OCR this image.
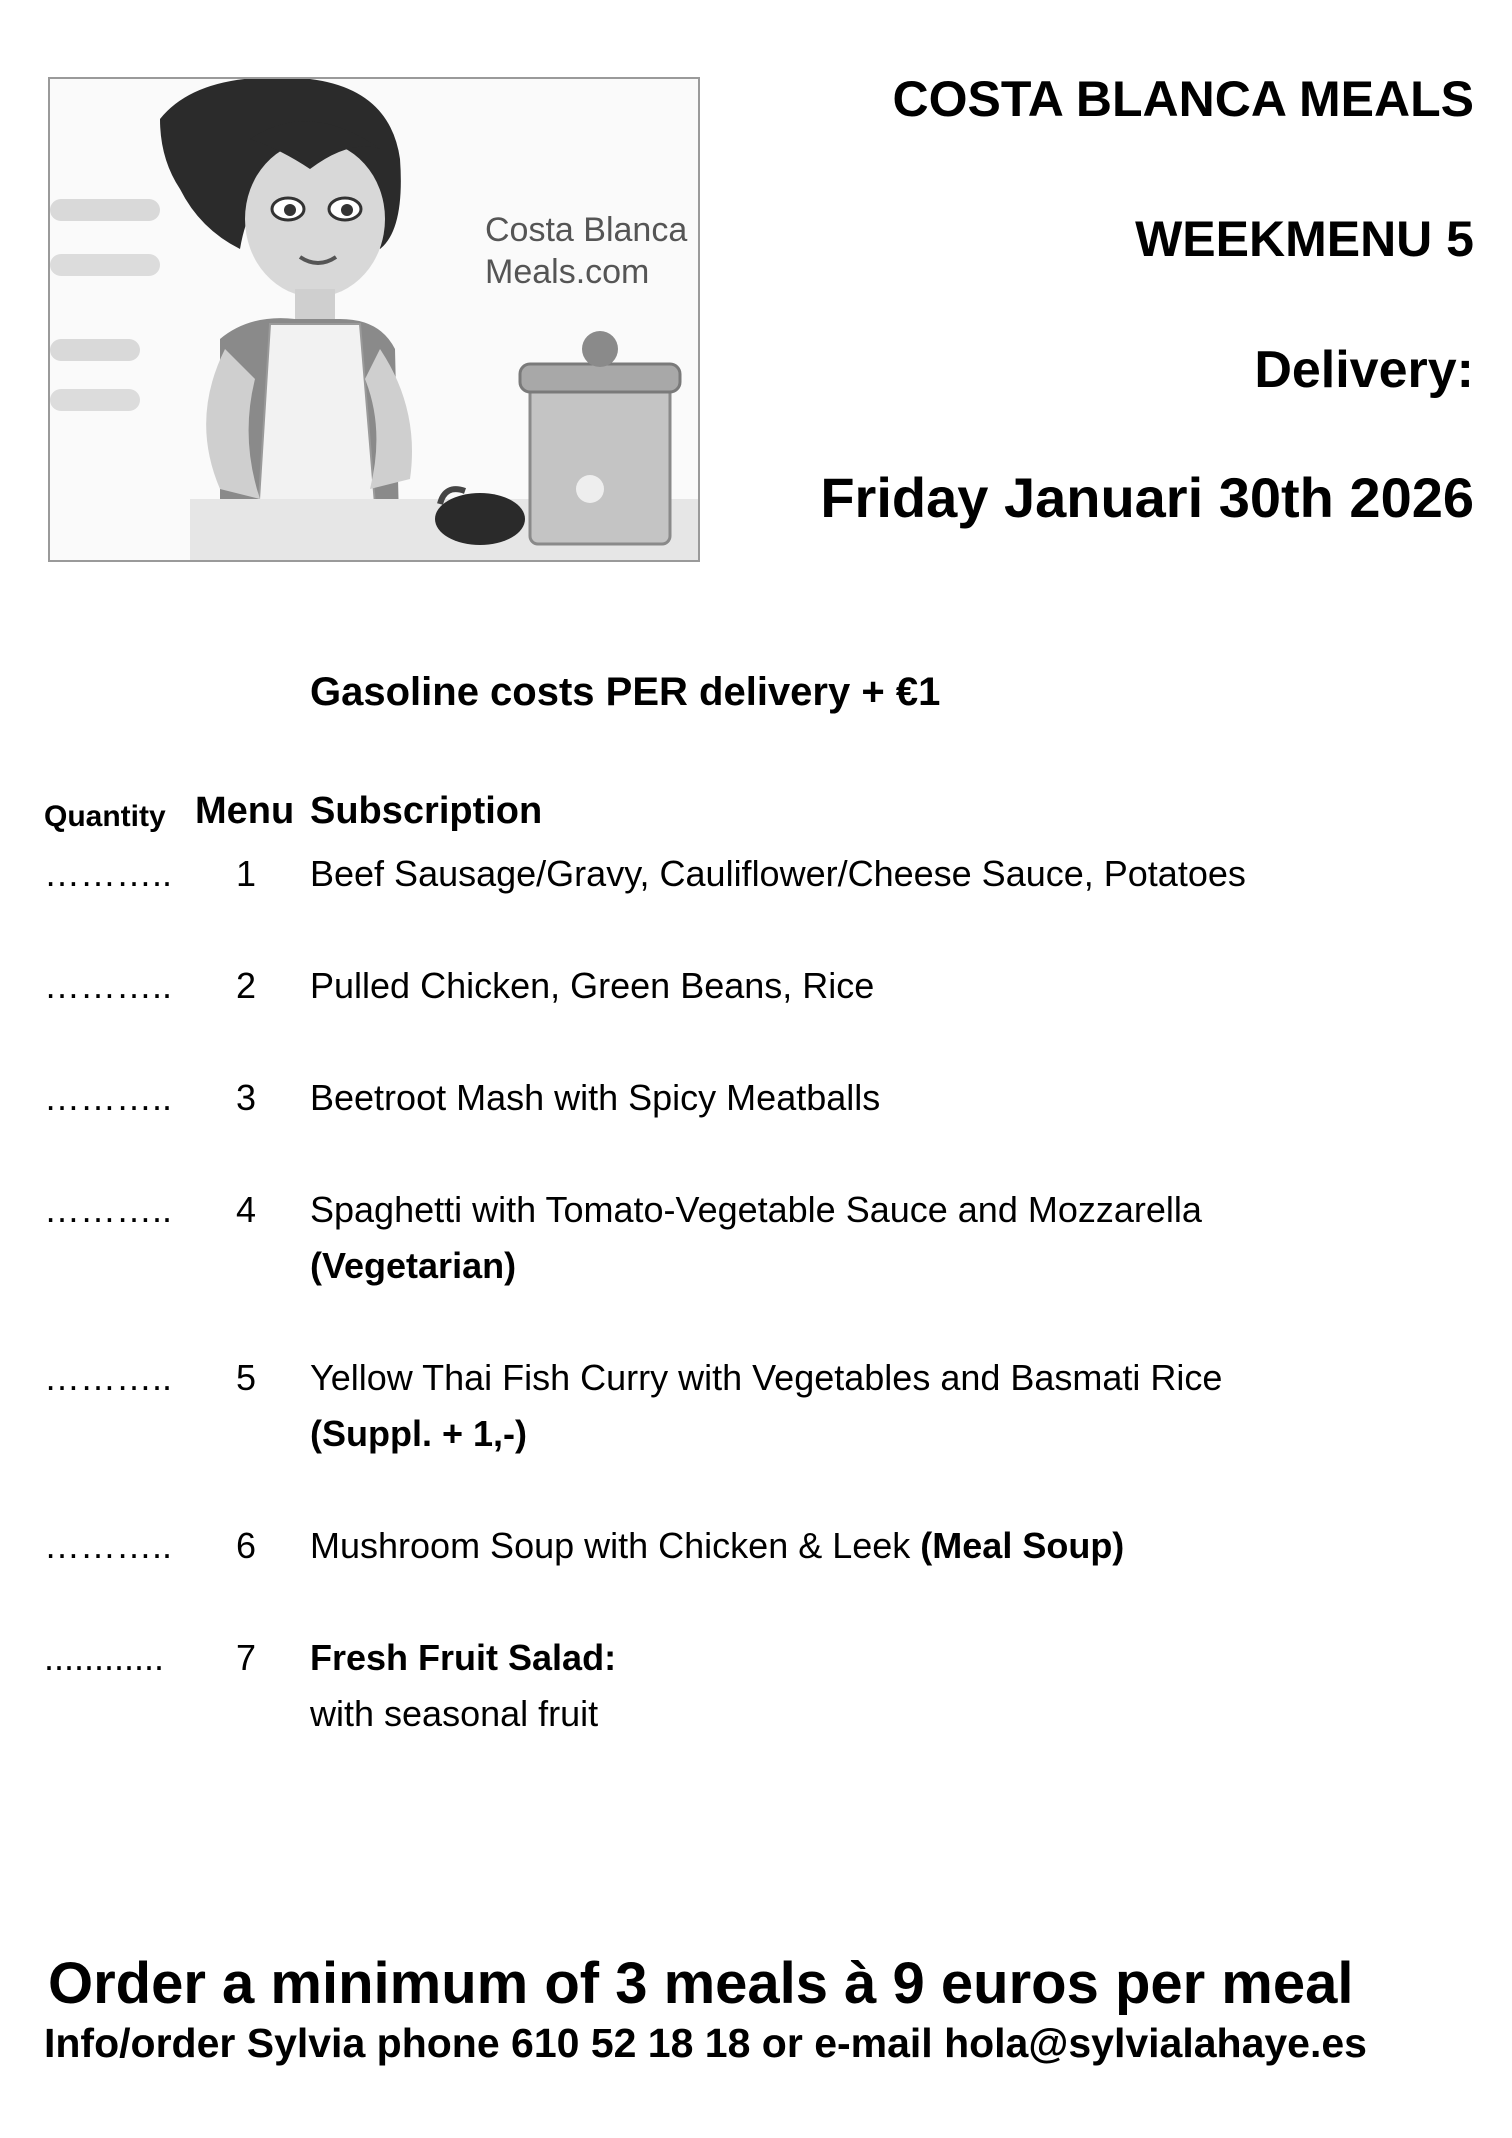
Costa Blanca
Meals.com
COSTA BLANCA MEALS
WEEKMENU 5
Delivery:
Friday Januari 30th 2026
Gasoline costs PER delivery + €1
Quantity Menu Subscription
……….. 1 Beef Sausage/Gravy, Cauliflower/Cheese Sauce, Potatoes
……….. 2 Pulled Chicken, Green Beans, Rice
……….. 3 Beetroot Mash with Spicy Meatballs
……….. 4 Spaghetti with Tomato-Vegetable Sauce and Mozzarella
(Vegetarian)
……….. 5 Yellow Thai Fish Curry with Vegetables and Basmati Rice
(Suppl. + 1,-)
……….. 6 Mushroom Soup with Chicken & Leek (Meal Soup)
............ 7 Fresh Fruit Salad:
with seasonal fruit
Order a minimum of 3 meals à 9 euros per meal
Info/order Sylvia phone 610 52 18 18 or e-mail hola@sylvialahaye.es
